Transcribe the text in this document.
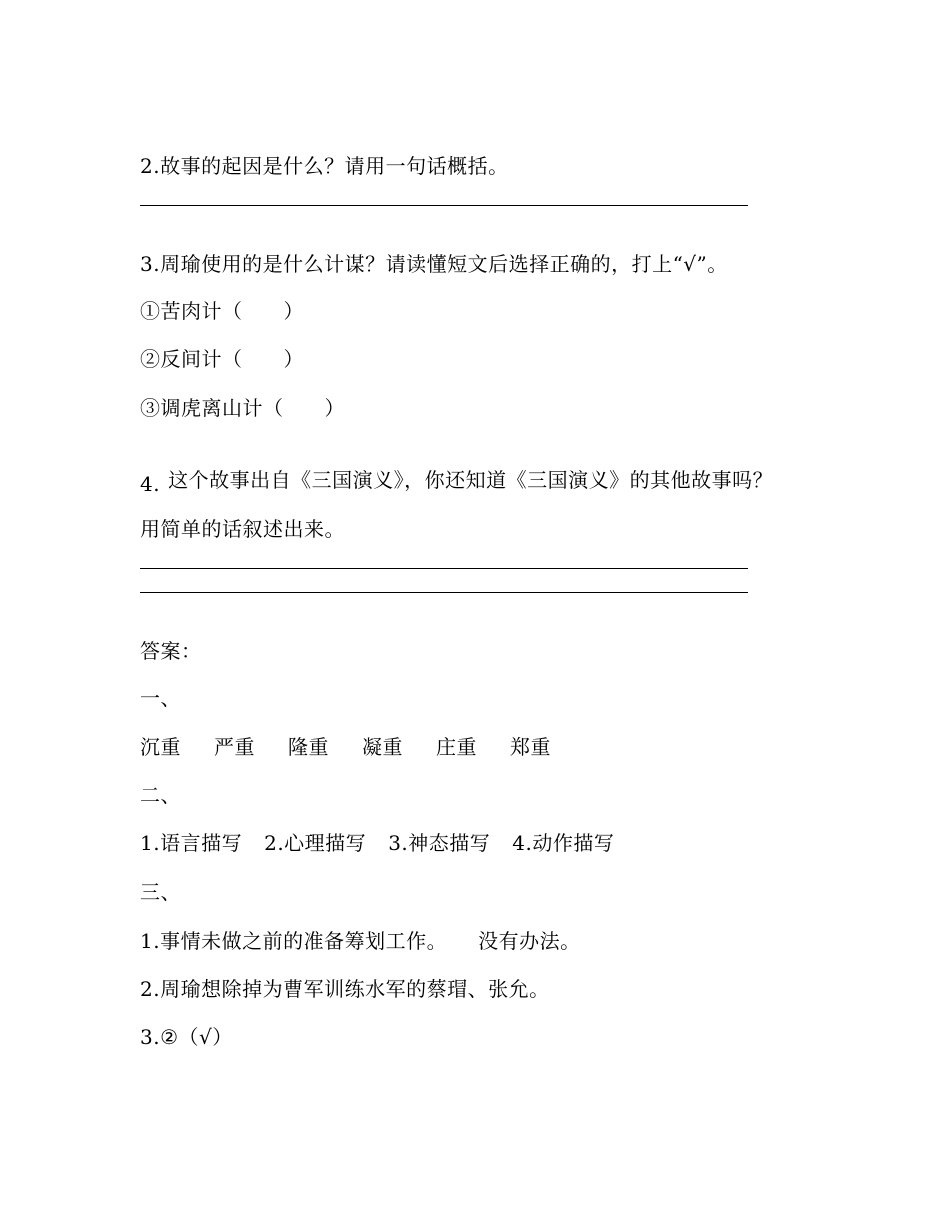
2.故事的起因是什么？请用一句话概括。
3.周瑜使用的是什么计谋？请读懂短文后选择正确的，打上“√”。
①苦肉计（　　）
②反间计（　　）
③调虎离山计（　　）
4. 这个故事出自《三国演义》，你还知道《三国演义》的其他故事吗？
用简单的话叙述出来。
答案：
一、
沉重 严重 隆重 凝重 庄重 郑重
二、
1.语言描写 2.心理描写 3.神态描写 4.动作描写
三、
1.事情未做之前的准备筹划工作。　　没有办法。
2.周瑜想除掉为曹军训练水军的蔡瑁、张允。
3.②（√）
